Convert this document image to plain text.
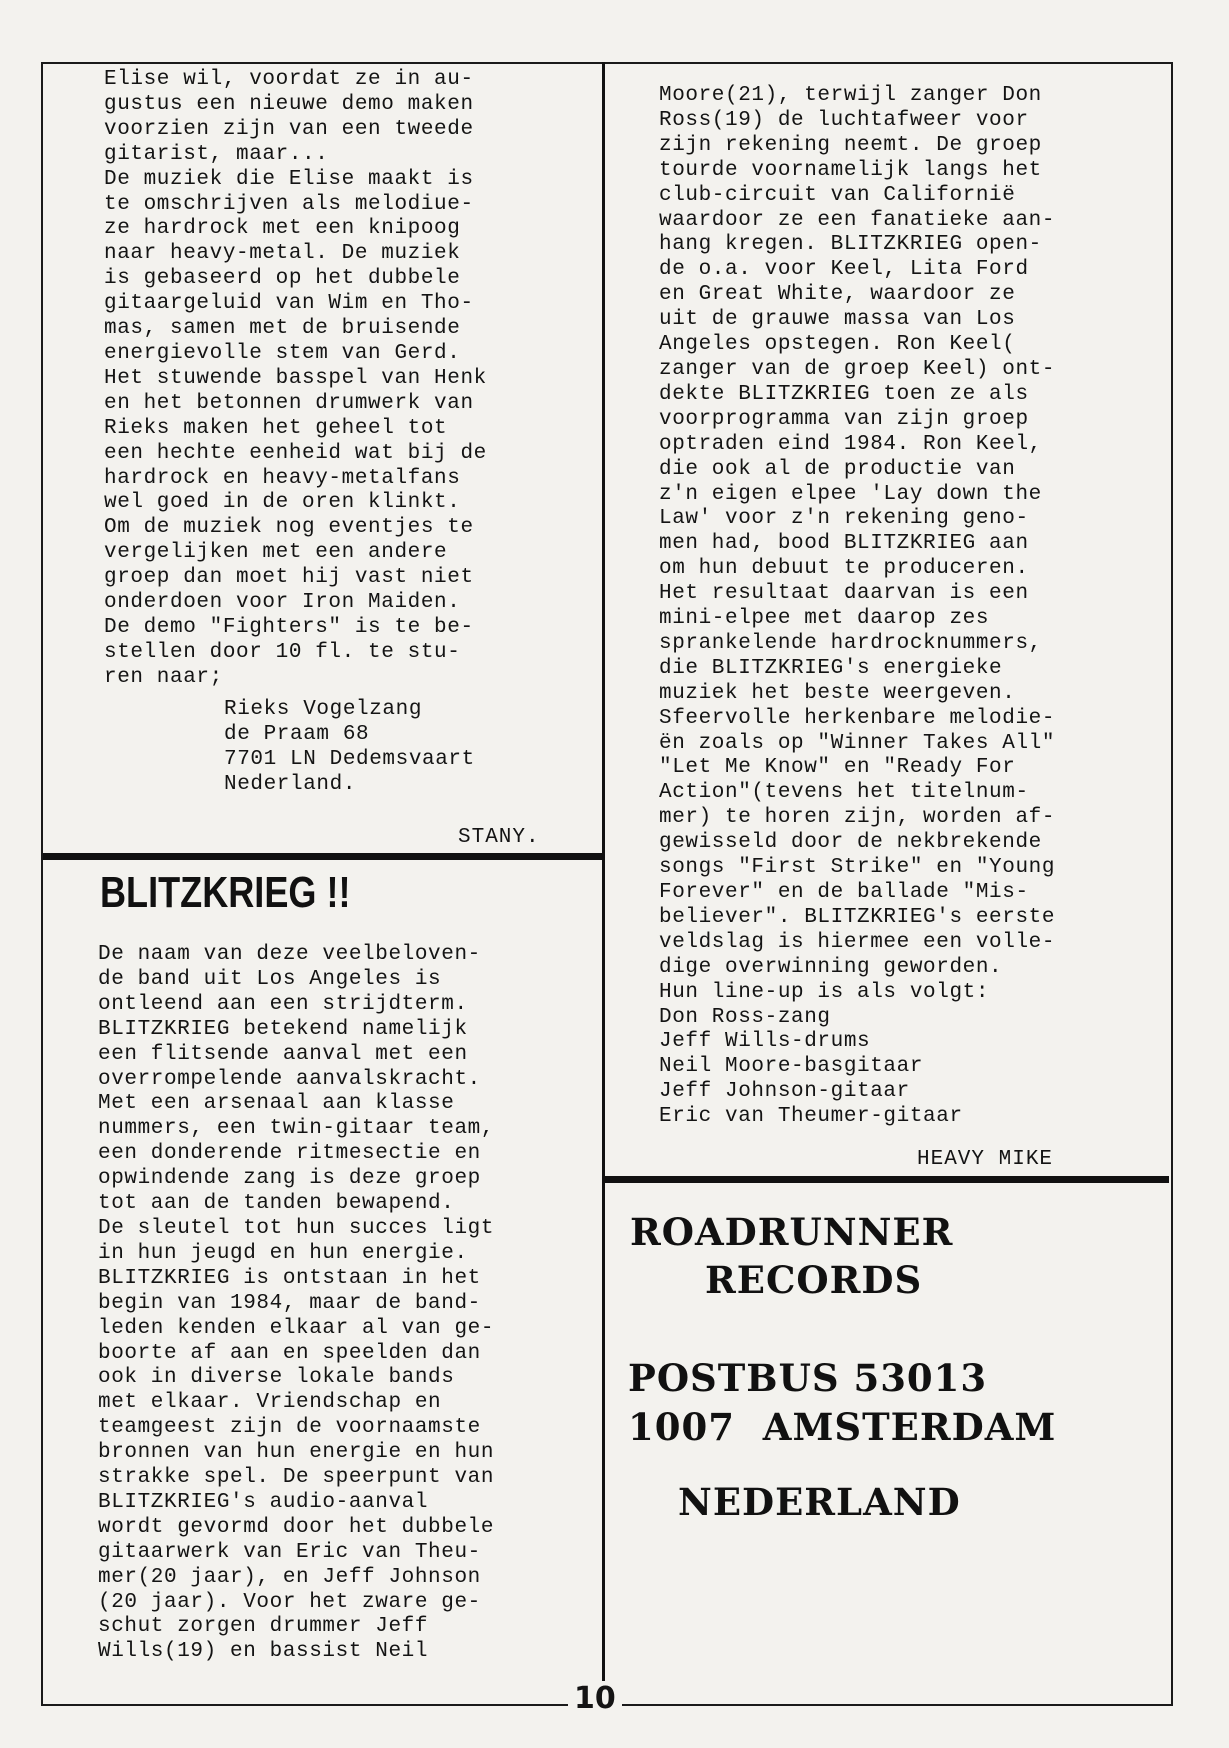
Elise wil, voordat ze in au-
gustus een nieuwe demo maken
voorzien zijn van een tweede
gitarist, maar...
De muziek die Elise maakt is
te omschrijven als melodiue-
ze hardrock met een knipoog
naar heavy-metal. De muziek
is gebaseerd op het dubbele
gitaargeluid van Wim en Tho-
mas, samen met de bruisende
energievolle stem van Gerd.
Het stuwende basspel van Henk
en het betonnen drumwerk van
Rieks maken het geheel tot
een hechte eenheid wat bij de
hardrock en heavy-metalfans
wel goed in de oren klinkt.
Om de muziek nog eventjes te
vergelijken met een andere
groep dan moet hij vast niet
onderdoen voor Iron Maiden.
De demo "Fighters" is te be-
stellen door 10 fl. te stu-
ren naar;
Rieks Vogelzang
de Praam 68
7701 LN Dedemsvaart
Nederland.
STANY.
BLITZKRIEG !!
De naam van deze veelbeloven-
de band uit Los Angeles is
ontleend aan een strijdterm.
BLITZKRIEG betekend namelijk
een flitsende aanval met een
overrompelende aanvalskracht.
Met een arsenaal aan klasse
nummers, een twin-gitaar team,
een donderende ritmesectie en
opwindende zang is deze groep
tot aan de tanden bewapend.
De sleutel tot hun succes ligt
in hun jeugd en hun energie.
BLITZKRIEG is ontstaan in het
begin van 1984, maar de band-
leden kenden elkaar al van ge-
boorte af aan en speelden dan
ook in diverse lokale bands
met elkaar. Vriendschap en
teamgeest zijn de voornaamste
bronnen van hun energie en hun
strakke spel. De speerpunt van
BLITZKRIEG's audio-aanval
wordt gevormd door het dubbele
gitaarwerk van Eric van Theu-
mer(20 jaar), en Jeff Johnson
(20 jaar). Voor het zware ge-
schut zorgen drummer Jeff
Wills(19) en bassist Neil
Moore(21), terwijl zanger Don
Ross(19) de luchtafweer voor
zijn rekening neemt. De groep
tourde voornamelijk langs het
club-circuit van Californië
waardoor ze een fanatieke aan-
hang kregen. BLITZKRIEG open-
de o.a. voor Keel, Lita Ford
en Great White, waardoor ze
uit de grauwe massa van Los
Angeles opstegen. Ron Keel(
zanger van de groep Keel) ont-
dekte BLITZKRIEG toen ze als
voorprogramma van zijn groep
optraden eind 1984. Ron Keel,
die ook al de productie van
z'n eigen elpee 'Lay down the
Law' voor z'n rekening geno-
men had, bood BLITZKRIEG aan
om hun debuut te produceren.
Het resultaat daarvan is een
mini-elpee met daarop zes
sprankelende hardrocknummers,
die BLITZKRIEG's energieke
muziek het beste weergeven.
Sfeervolle herkenbare melodie-
ën zoals op "Winner Takes All"
"Let Me Know" en "Ready For
Action"(tevens het titelnum-
mer) te horen zijn, worden af-
gewisseld door de nekbrekende
songs "First Strike" en "Young
Forever" en de ballade "Mis-
believer". BLITZKRIEG's eerste
veldslag is hiermee een volle-
dige overwinning geworden.
Hun line-up is als volgt:
Don Ross-zang
Jeff Wills-drums
Neil Moore-basgitaar
Jeff Johnson-gitaar
Eric van Theumer-gitaar
HEAVY MIKE
ROADRUNNER
RECORDS
POSTBUS 53013
1007  AMSTERDAM
NEDERLAND
10
